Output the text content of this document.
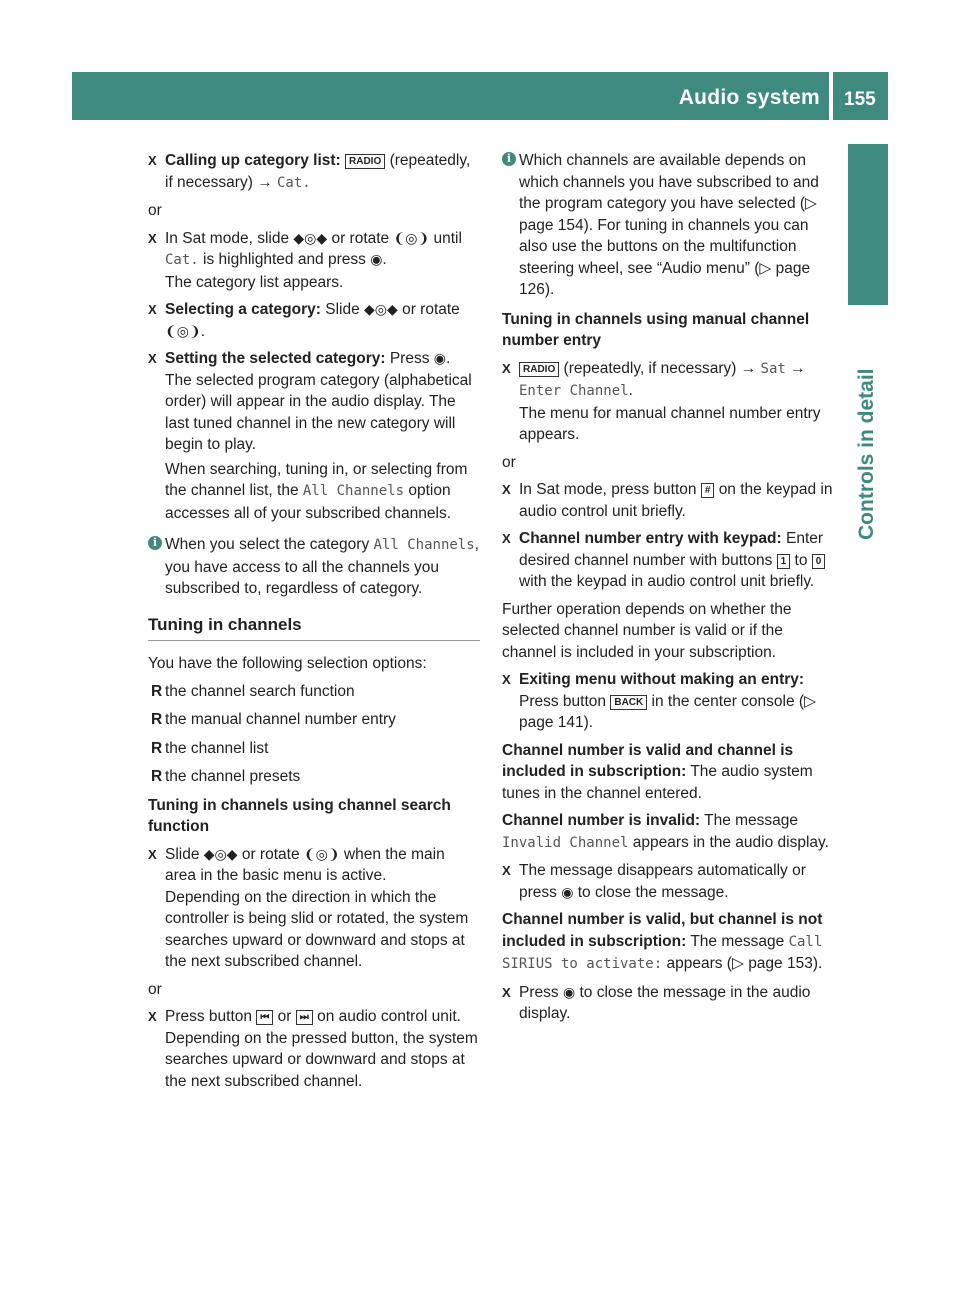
Audio system 155
Controls in detail
X Calling up category list: RADIO (repeatedly, if necessary) → Cat.
or
X In Sat mode, slide ◆◎◆ or rotate ❨◎❩ until Cat. is highlighted and press ◉.
The category list appears.
X Selecting a category: Slide ◆◎◆ or rotate ❨◎❩.
X Setting the selected category: Press ◉.
The selected program category (alphabetical order) will appear in the audio display. The last tuned channel in the new category will begin to play.
When searching, tuning in, or selecting from the channel list, the All Channels option accesses all of your subscribed channels.
i When you select the category All Channels, you have access to all the channels you subscribed to, regardless of category.
Tuning in channels
You have the following selection options:
R the channel search function
R the manual channel number entry
R the channel list
R the channel presets
Tuning in channels using channel search function
X Slide ◆◎◆ or rotate ❨◎❩ when the main area in the basic menu is active.
Depending on the direction in which the controller is being slid or rotated, the system searches upward or downward and stops at the next subscribed channel.
or
X Press button ⏮ or ⏭ on audio control unit.
Depending on the pressed button, the system searches upward or downward and stops at the next subscribed channel.
i Which channels are available depends on which channels you have subscribed to and the program category you have selected (▷ page 154). For tuning in channels you can also use the buttons on the multifunction steering wheel, see “Audio menu” (▷ page 126).
Tuning in channels using manual channel number entry
X RADIO (repeatedly, if necessary) → Sat → Enter Channel.
The menu for manual channel number entry appears.
or
X In Sat mode, press button # on the keypad in audio control unit briefly.
X Channel number entry with keypad: Enter desired channel number with buttons 1 to 0 with the keypad in audio control unit briefly.
Further operation depends on whether the selected channel number is valid or if the channel is included in your subscription.
X Exiting menu without making an entry: Press button BACK in the center console (▷ page 141).
Channel number is valid and channel is included in subscription: The audio system tunes in the channel entered.
Channel number is invalid: The message Invalid Channel appears in the audio display.
X The message disappears automatically or press ◉ to close the message.
Channel number is valid, but channel is not included in subscription: The message Call SIRIUS to activate: appears (▷ page 153).
X Press ◉ to close the message in the audio display.
